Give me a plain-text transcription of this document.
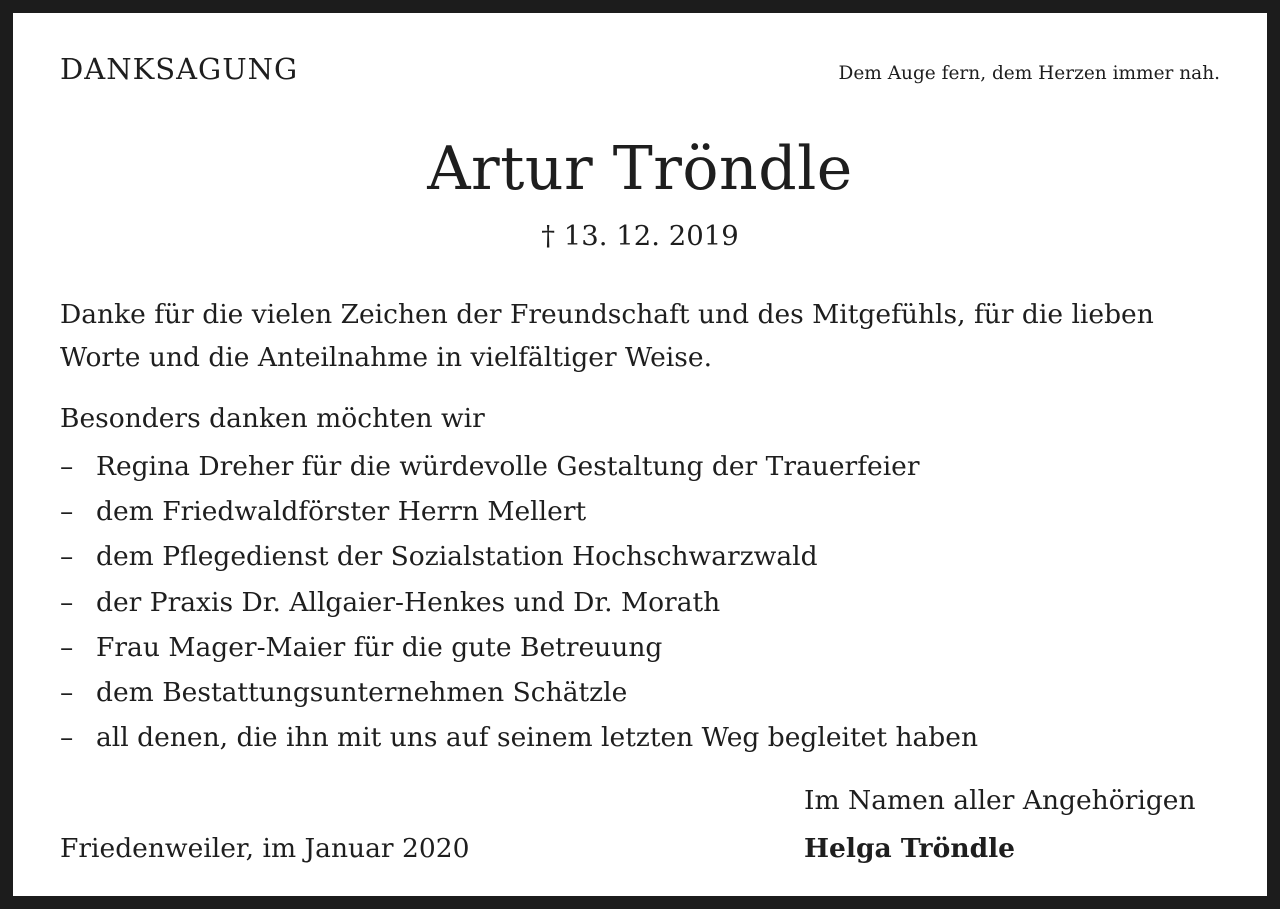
DANKSAGUNG	Dem Auge fern, dem Herzen immer nah.
Artur Tröndle
† 13. 12. 2019
Danke für die vielen Zeichen der Freundschaft und des Mitgefühls, für die lieben Worte und die Anteilnahme in vielfältiger Weise.
Besonders danken möchten wir
– Regina Dreher für die würdevolle Gestaltung der Trauerfeier
– dem Friedwaldförster Herrn Mellert
– dem Pflegedienst der Sozialstation Hochschwarzwald
– der Praxis Dr. Allgaier-Henkes und Dr. Morath
– Frau Mager-Maier für die gute Betreuung
– dem Bestattungsunternehmen Schätzle
– all denen, die ihn mit uns auf seinem letzten Weg begleitet haben
Im Namen aller Angehörigen
Friedenweiler, im Januar 2020	Helga Tröndle
